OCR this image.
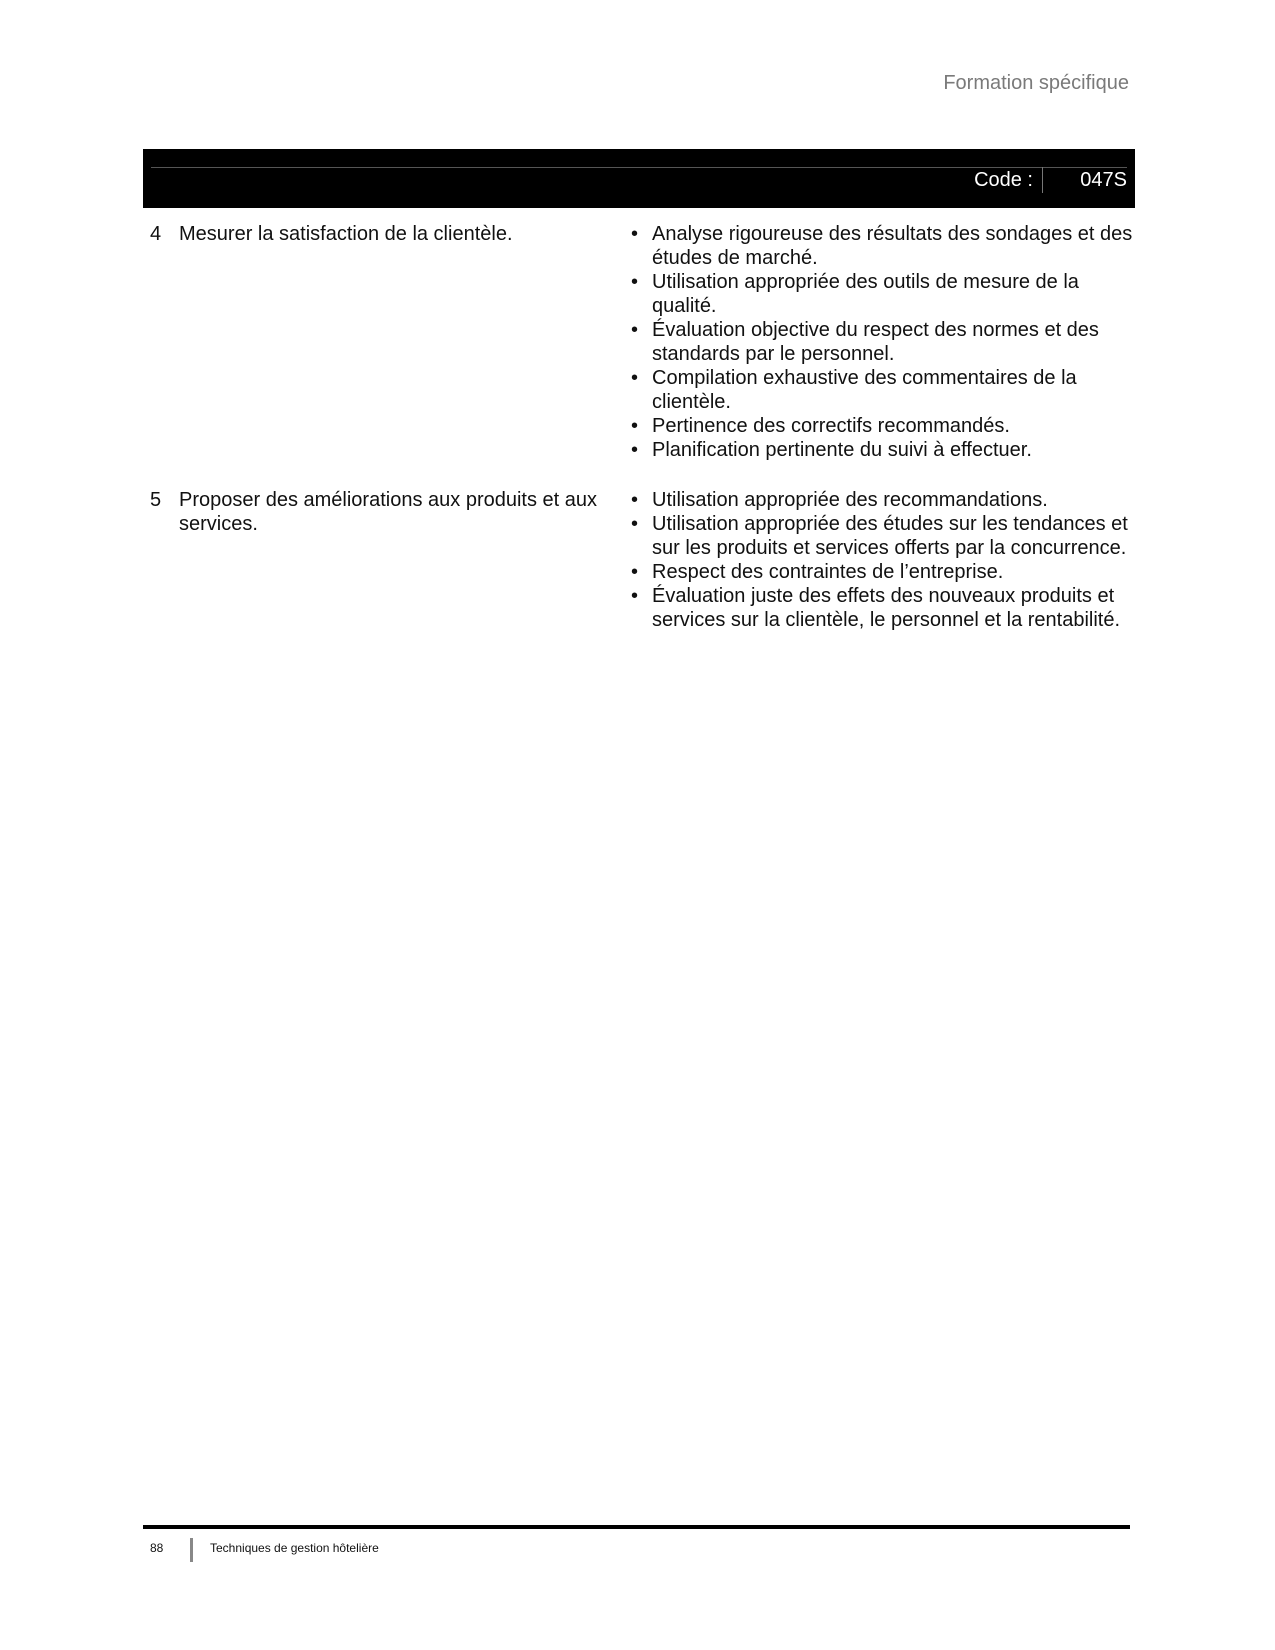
Formation spécifique
Code : 047S
4 Mesurer la satisfaction de la clientèle.
•	Analyse rigoureuse des résultats des sondages et des études de marché.
• Utilisation appropriée des outils de mesure de la qualité.
• Évaluation objective du respect des normes et des standards par le personnel.
• Compilation exhaustive des commentaires de la clientèle.
• Pertinence des correctifs recommandés.
• Planification pertinente du suivi à effectuer.
5 Proposer des améliorations aux produits et aux services.
• Utilisation appropriée des recommandations.
• Utilisation appropriée des études sur les tendances et sur les produits et services offerts par la concurrence.
• Respect des contraintes de l’entreprise.
• Évaluation juste des effets des nouveaux produits et services sur la clientèle, le personnel et la rentabilité.
88	Techniques de gestion hôtelière
